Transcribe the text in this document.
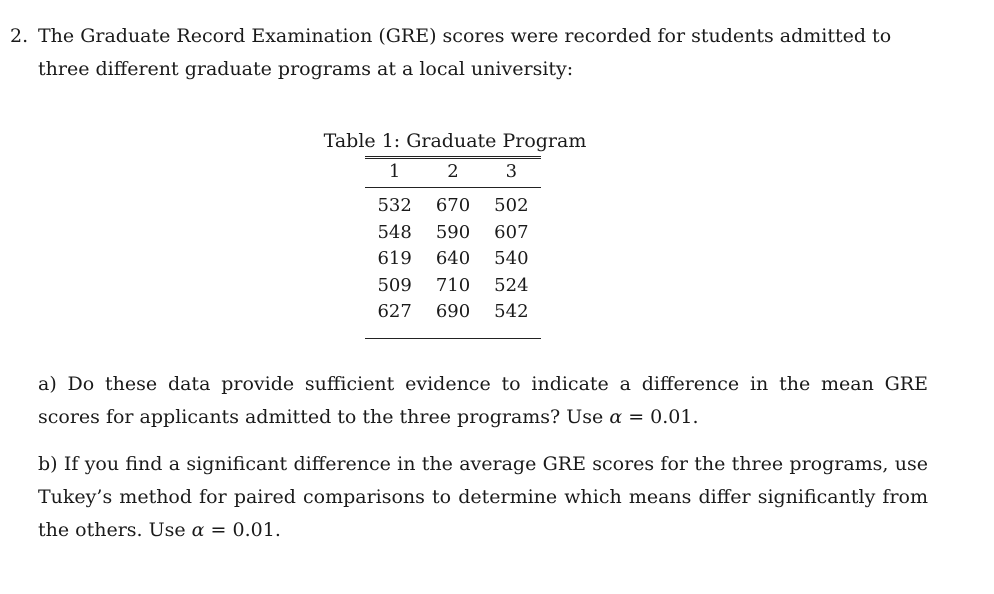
2. The Graduate Record Examination (GRE) scores were recorded for students admitted to
three different graduate programs at a local university:
Table 1: Graduate Program
1	2	3
532	670	502
548	590	607
619	640	540
509	710	524
627	690	542

a) Do these data provide sufficient evidence to indicate a difference in the mean GRE scores for applicants admitted to the three programs? Use α = 0.01.
b) If you find a significant difference in the average GRE scores for the three programs, use Tukey’s method for paired comparisons to determine which means differ significantly from the others. Use α = 0.01.
